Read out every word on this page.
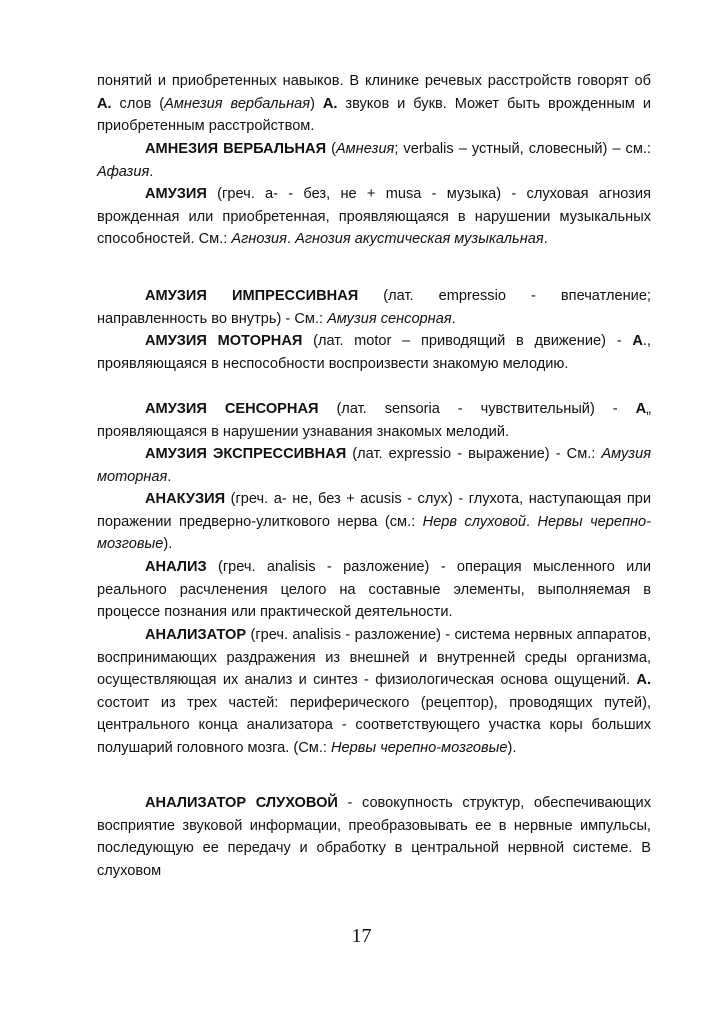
понятий и приобретенных навыков. В клинике речевых расстройств говорят об А. слов (Амнезия вербальная) А. звуков и букв. Может быть врожденным и приобретенным расстройством.

АМНЕЗИЯ ВЕРБАЛЬНАЯ (Амнезия; verbalis – устный, словесный) – см.: Афазия.

АМУЗИЯ (греч. a- - без, не + musa - музыка) - слуховая агнозия врожденная или приобретенная, проявляющаяся в нарушении музыкальных способностей. См.: Агнозия. Агнозия акустическая музыкальная.

АМУЗИЯ ИМПРЕССИВНАЯ (лат. empressio - впечатление; направленность во внутрь) - См.: Амузия сенсорная.

АМУЗИЯ МОТОРНАЯ (лат. motor – приводящий в движение) - А., проявляющаяся в неспособности воспроизвести знакомую мелодию.

АМУЗИЯ СЕНСОРНАЯ (лат. sensoria - чувствительный) - А„ проявляющаяся в нарушении узнавания знакомых мелодий.

АМУЗИЯ ЭКСПРЕССИВНАЯ (лат. expressio - выражение) - См.: Амузия моторная.

АНАКУЗИЯ (греч. a- не, без + acusis - слух) - глухота, наступающая при поражении предверно-улиткового нерва (см.: Нерв слуховой. Нервы черепно-мозговые).

АНАЛИЗ (греч. analisis - разложение) - операция мысленного или реального расчленения целого на составные элементы, выполняемая в процессе познания или практической деятельности.

АНАЛИЗАТОР (греч. analisis - разложение) - система нервных аппаратов, воспринимающих раздражения из внешней и внутренней среды организма, осуществляющая их анализ и синтез - физиологическая основа ощущений. А. состоит из трех частей: периферического (рецептор), проводящих путей), центрального конца анализатора - соответствующего участка коры больших полушарий головного мозга. (См.: Нервы черепно-мозговые).

АНАЛИЗАТОР СЛУХОВОЙ - совокупность структур, обеспечивающих восприятие звуковой информации, преобразовывать ее в нервные импульсы, последующую ее передачу и обработку в центральной нервной системе. В слуховом

17
